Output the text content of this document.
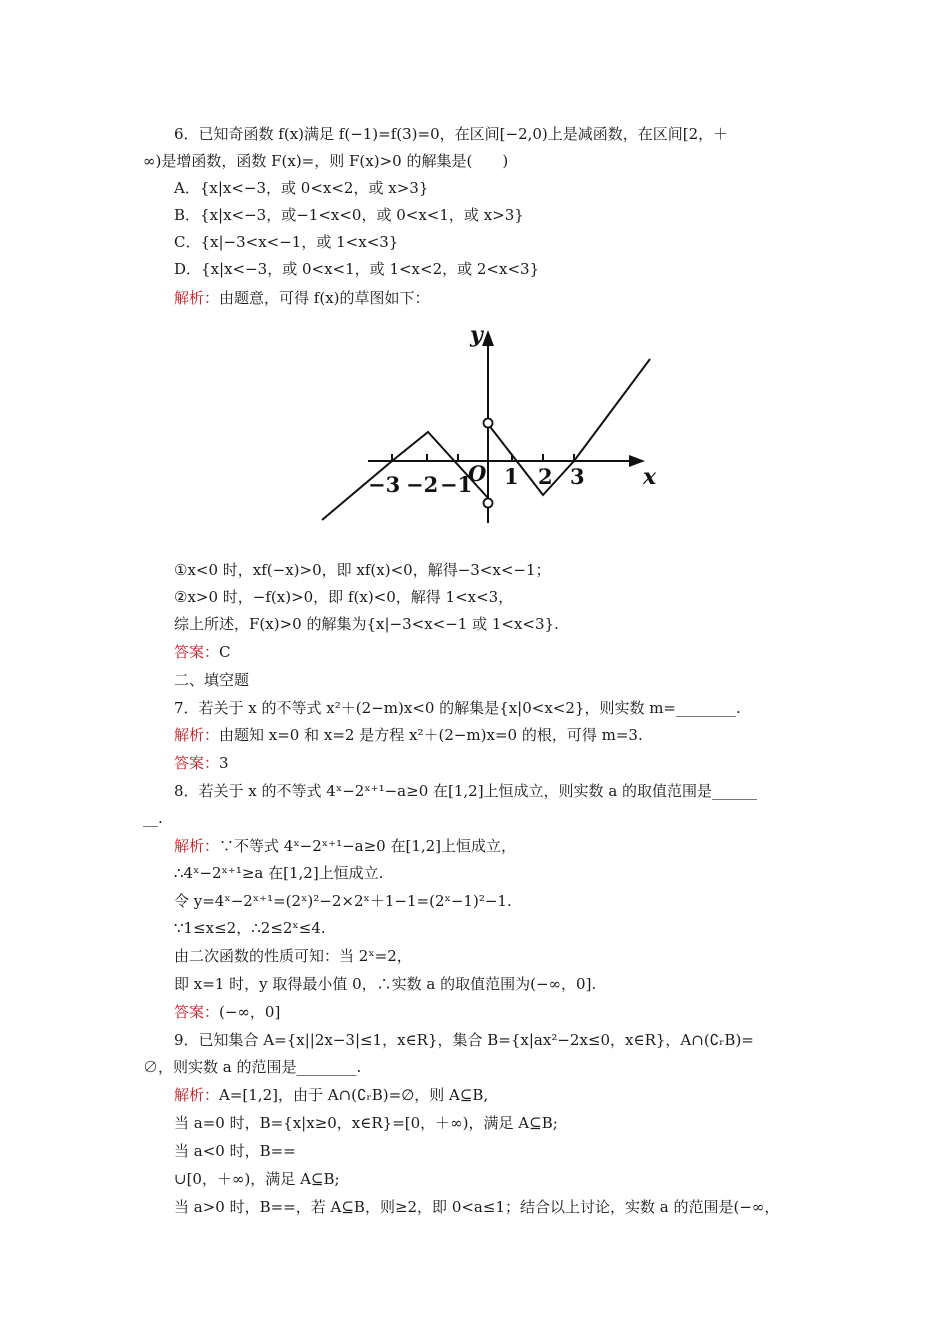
6．已知奇函数 f(x)满足 f(−1)=f(3)=0，在区间[−2,0)上是减函数，在区间[2，＋
∞)是增函数，函数 F(x)=，则 F(x)>0 的解集是(　　)
A．{x|x<−3，或 0<x<2，或 x>3}
B．{x|x<−3，或−1<x<0，或 0<x<1，或 x>3}
C．{x|−3<x<−1，或 1<x<3}
D．{x|x<−3，或 0<x<1，或 1<x<2，或 2<x<3}
解析：由题意，可得 f(x)的草图如下：
y
x
O
−3 −2 −1 1 2 3
①x<0 时，xf(−x)>0，即 xf(x)<0，解得−3<x<−1；
②x>0 时，−f(x)>0，即 f(x)<0，解得 1<x<3，
综上所述，F(x)>0 的解集为{x|−3<x<−1 或 1<x<3}.
答案：C
二、填空题
7．若关于 x 的不等式 x²＋(2−m)x<0 的解集是{x|0<x<2}，则实数 m=________.
解析：由题知 x=0 和 x=2 是方程 x²＋(2−m)x=0 的根，可得 m=3.
答案：3
8．若关于 x 的不等式 4ˣ−2ˣ⁺¹−a≥0 在[1,2]上恒成立，则实数 a 的取值范围是______
__.
解析：∵不等式 4ˣ−2ˣ⁺¹−a≥0 在[1,2]上恒成立，
∴4ˣ−2ˣ⁺¹≥a 在[1,2]上恒成立.
令 y=4ˣ−2ˣ⁺¹=(2ˣ)²−2×2ˣ＋1−1=(2ˣ−1)²−1.
∵1≤x≤2，∴2≤2ˣ≤4.
由二次函数的性质可知：当 2ˣ=2，
即 x=1 时，y 取得最小值 0，∴实数 a 的取值范围为(−∞，0].
答案：(−∞，0]
9．已知集合 A={x||2x−3|≤1，x∈R}，集合 B={x|ax²−2x≤0，x∈R}，A∩(∁ᵣB)=
∅，则实数 a 的范围是________.
解析：A=[1,2]，由于 A∩(∁ᵣB)=∅，则 A⊆B,
当 a=0 时，B={x|x≥0，x∈R}=[0，＋∞)，满足 A⊆B;
当 a<0 时，B==
∪[0，＋∞)，满足 A⊆B;
当 a>0 时，B==，若 A⊆B，则≥2，即 0<a≤1；结合以上讨论，实数 a 的范围是(−∞，
